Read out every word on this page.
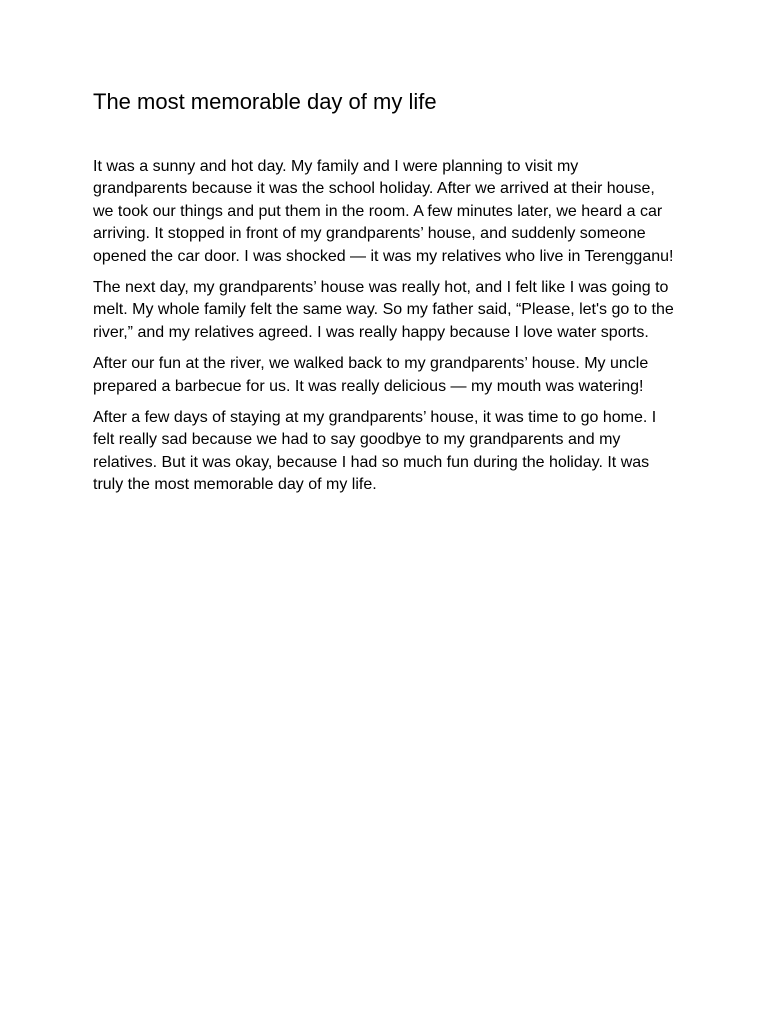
The most memorable day of my life

It was a sunny and hot day. My family and I were planning to visit my grandparents because it was the school holiday. After we arrived at their house, we took our things and put them in the room. A few minutes later, we heard a car arriving. It stopped in front of my grandparents’ house, and suddenly someone opened the car door. I was shocked — it was my relatives who live in Terengganu!

The next day, my grandparents’ house was really hot, and I felt like I was going to melt. My whole family felt the same way. So my father said, “Please, let's go to the river,” and my relatives agreed. I was really happy because I love water sports.

After our fun at the river, we walked back to my grandparents’ house. My uncle prepared a barbecue for us. It was really delicious — my mouth was watering!

After a few days of staying at my grandparents’ house, it was time to go home. I felt really sad because we had to say goodbye to my grandparents and my relatives. But it was okay, because I had so much fun during the holiday. It was truly the most memorable day of my life.
